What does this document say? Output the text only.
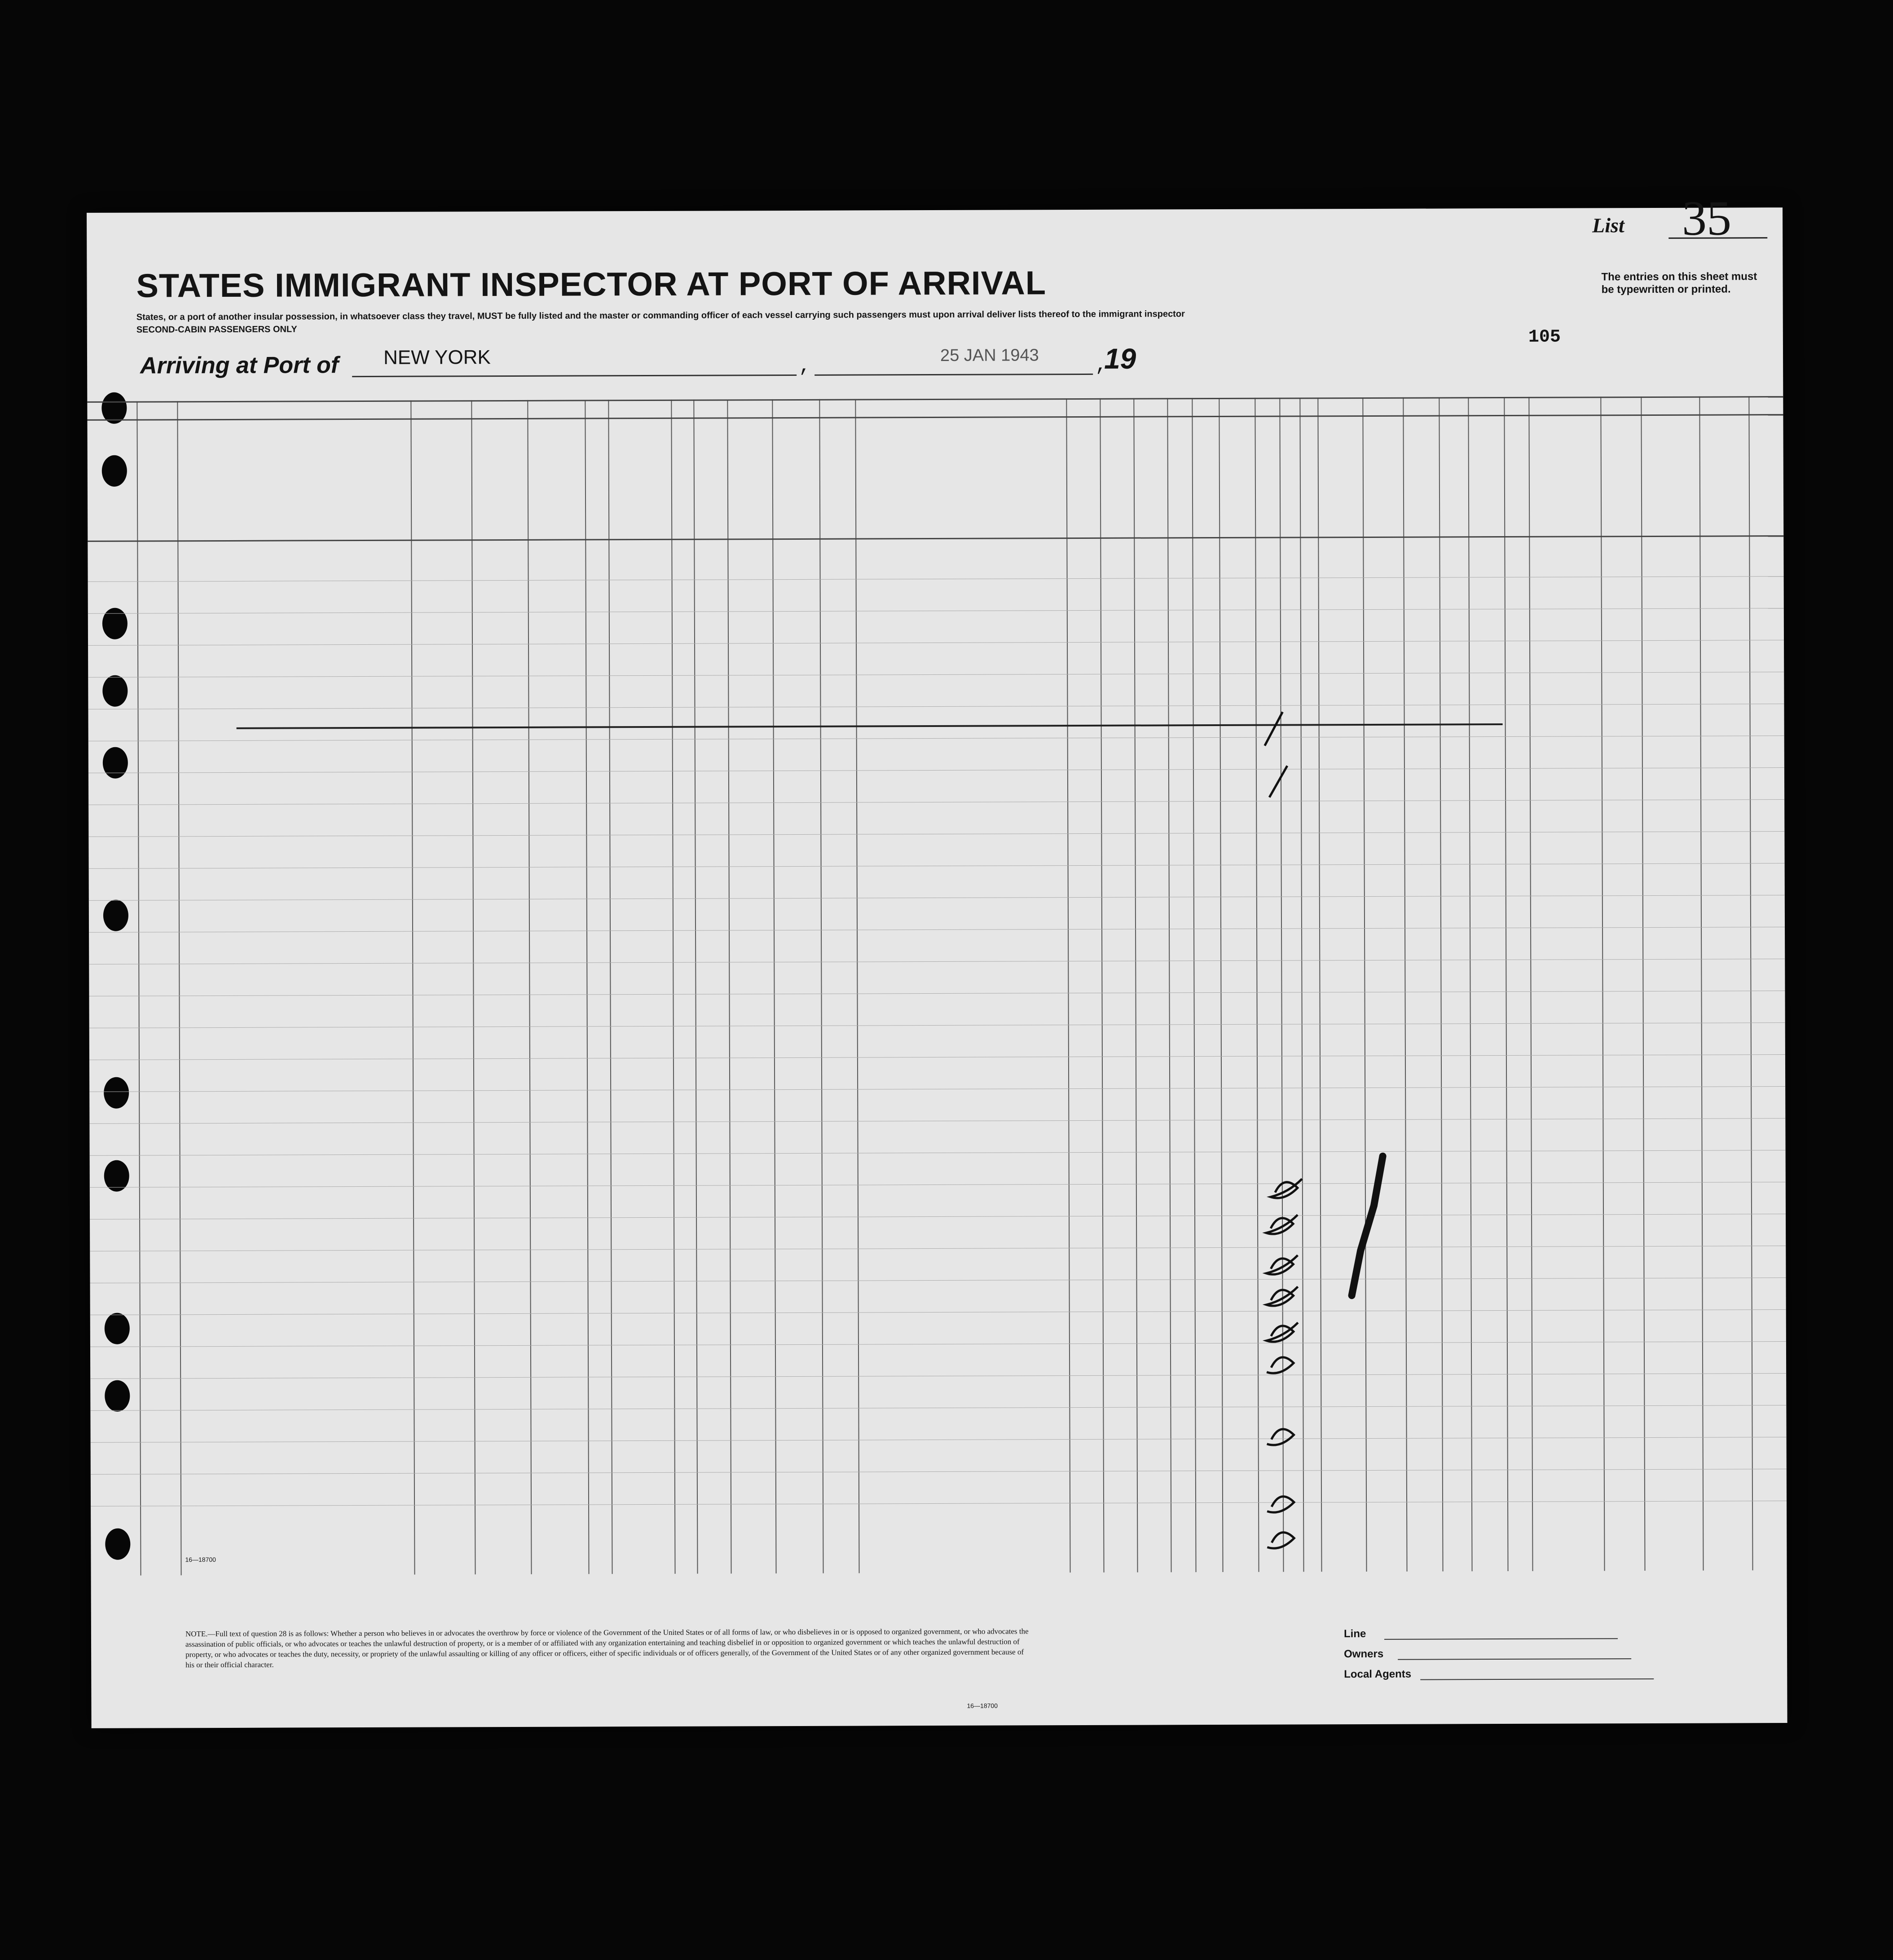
STATES IMMIGRANT INSPECTOR AT PORT OF ARRIVAL
States, or a port of another insular possession, in whatsoever class they travel, MUST be fully listed and the master or commanding officer of each vessel carrying such passengers must upon arrival deliver lists thereof to the immigrant inspector
SECOND-CABIN PASSENGERS ONLY
List 35
The entries on this sheet must be typewritten or printed.
Arriving at Port of NEW YORK	,	25 JAN 1943	,
19
105
16—18700
NOTE.—Full text of question 28 is as follows: Whether a person who believes in or advocates the overthrow by force or violence of the Government of the United States or of all forms of law, or who disbelieves in or is opposed to organized government, or who advocates the assassination of public officials, or who advocates or teaches the unlawful destruction of property, or is a member of or affiliated with any organization entertaining and teaching disbelief in or opposition to organized government or which teaches the unlawful destruction of property, or who advocates or teaches the duty, necessity, or propriety of the unlawful assaulting or killing of any officer or officers, either of specific individuals or of officers generally, of the Government of the United States or of any other organized government because of his or their official character.
16—18700
Line
Owners
Local Agents
